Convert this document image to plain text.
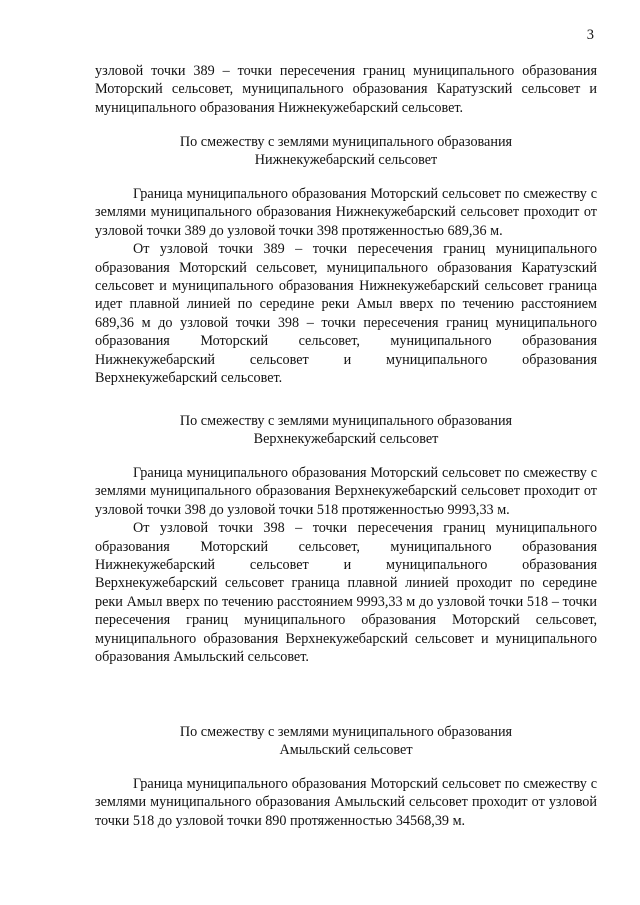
3

узловой точки 389 – точки пересечения границ муниципального образования Моторский сельсовет, муниципального образования Каратузский сельсовет и муниципального образования Нижнекужебарский сельсовет.

По смежеству с землями муниципального образования
Нижнекужебарский сельсовет

Граница муниципального образования Моторский сельсовет по смежеству с землями муниципального образования Нижнекужебарский сельсовет проходит от узловой точки 389 до узловой точки 398 протяженностью 689,36 м.

От узловой точки 389 – точки пересечения границ муниципального образования Моторский сельсовет, муниципального образования Каратузский сельсовет и муниципального образования Нижнекужебарский сельсовет граница идет плавной линией по середине реки Амыл вверх по течению расстоянием 689,36 м до узловой точки 398 – точки пересечения границ муниципального образования Моторский сельсовет, муниципального образования Нижнекужебарский сельсовет и муниципального образования Верхнекужебарский сельсовет.

По смежеству с землями муниципального образования
Верхнекужебарский сельсовет

Граница муниципального образования Моторский сельсовет по смежеству с землями муниципального образования Верхнекужебарский сельсовет проходит от узловой точки 398 до узловой точки 518 протяженностью 9993,33 м.

От узловой точки 398 – точки пересечения границ муниципального образования Моторский сельсовет, муниципального образования Нижнекужебарский сельсовет и муниципального образования Верхнекужебарский сельсовет граница плавной линией проходит по середине реки Амыл вверх по течению расстоянием 9993,33 м до узловой точки 518 – точки пересечения границ муниципального образования Моторский сельсовет, муниципального образования Верхнекужебарский сельсовет и муниципального образования Амыльский сельсовет.

По смежеству с землями муниципального образования
Амыльский сельсовет

Граница муниципального образования Моторский сельсовет по смежеству с землями муниципального образования Амыльский сельсовет проходит от узловой точки 518 до узловой точки 890 протяженностью 34568,39 м.
